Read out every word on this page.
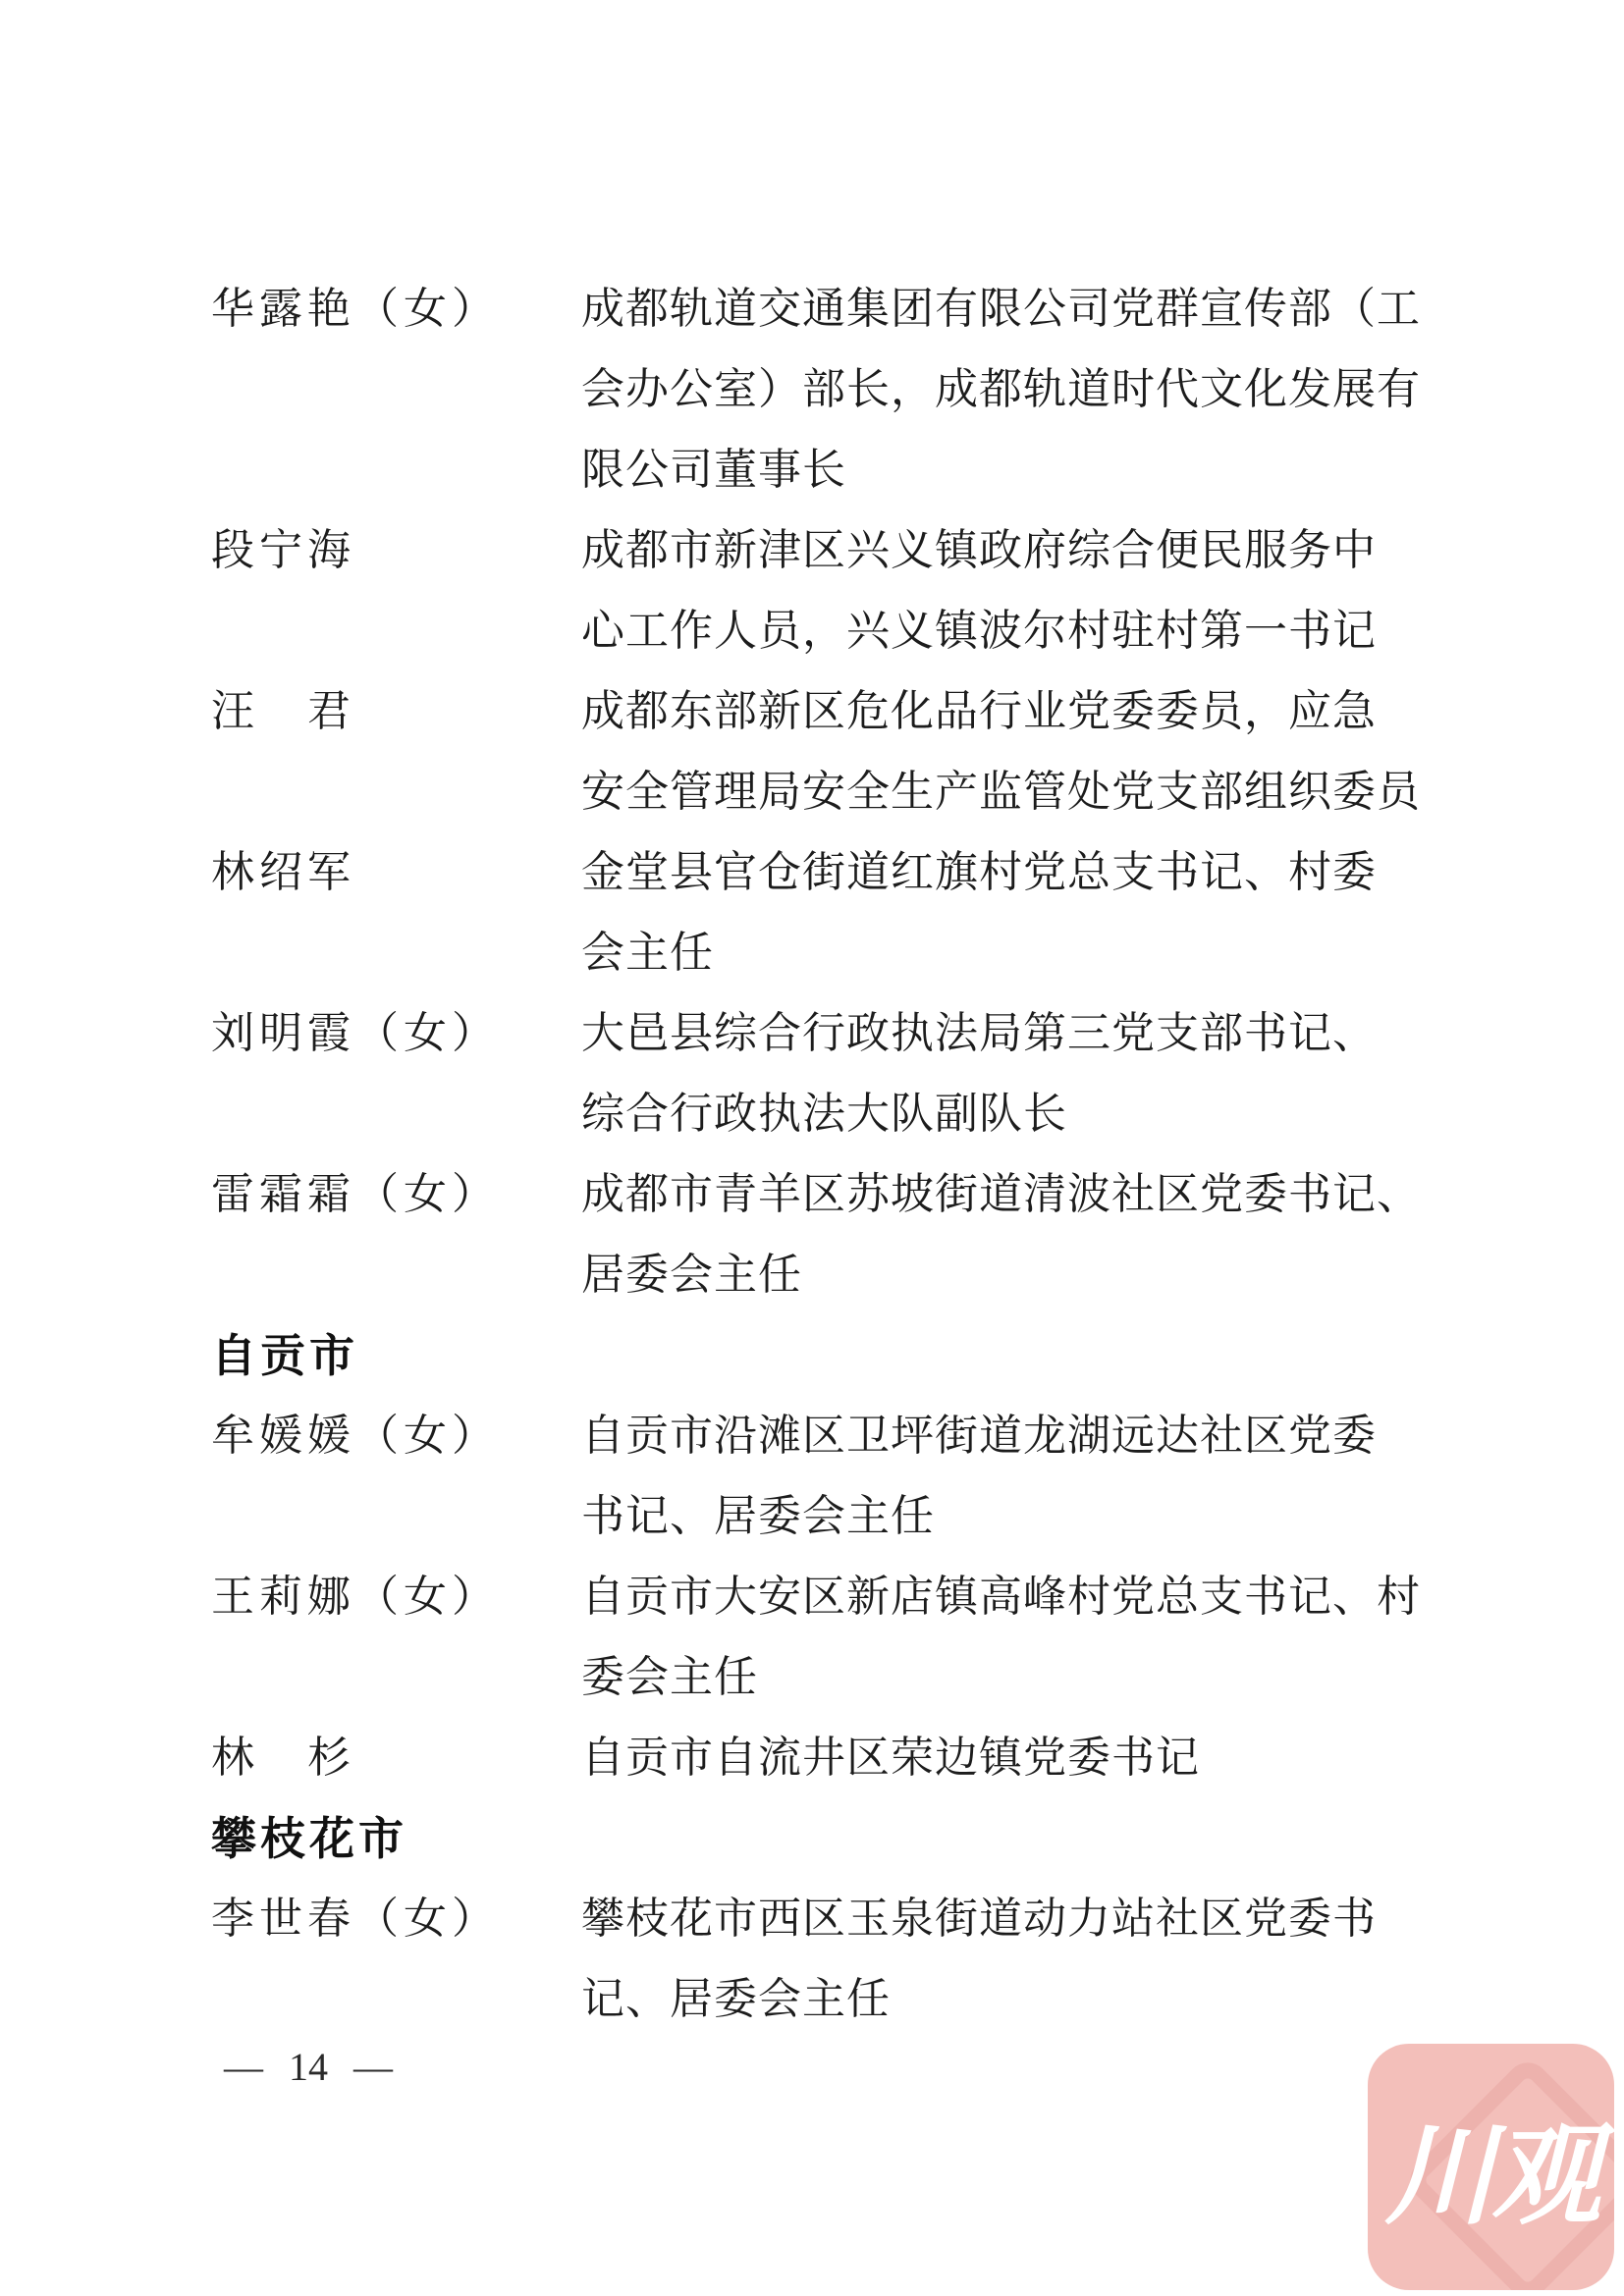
华露艳（女）	成都轨道交通集团有限公司党群宣传部（工
会办公室）部长，成都轨道时代文化发展有
限公司董事长
段宁海	成都市新津区兴义镇政府综合便民服务中
心工作人员，兴义镇波尔村驻村第一书记
汪　君	成都东部新区危化品行业党委委员，应急
安全管理局安全生产监管处党支部组织委员
林绍军	金堂县官仓街道红旗村党总支书记、村委
会主任
刘明霞（女）	大邑县综合行政执法局第三党支部书记、
综合行政执法大队副队长
雷霜霜（女）	成都市青羊区苏坡街道清波社区党委书记、
居委会主任
自贡市
牟媛媛（女）	自贡市沿滩区卫坪街道龙湖远达社区党委
书记、居委会主任
王莉娜（女）	自贡市大安区新店镇高峰村党总支书记、村
委会主任
林　杉	自贡市自流井区荣边镇党委书记
攀枝花市
李世春（女）	攀枝花市西区玉泉街道动力站社区党委书
记、居委会主任
— 14 —
川观
